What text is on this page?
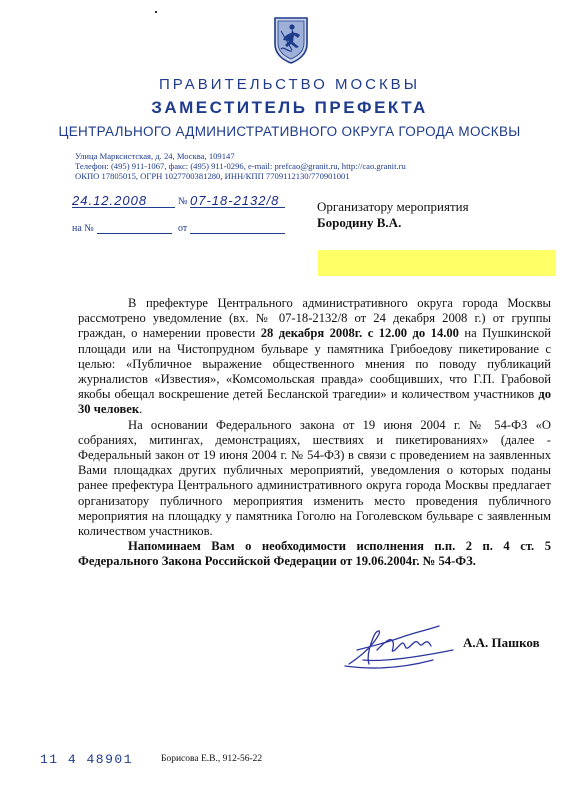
ПРАВИТЕЛЬСТВО МОСКВЫ
ЗАМЕСТИТЕЛЬ ПРЕФЕКТА
ЦЕНТРАЛЬНОГО АДМИНИСТРАТИВНОГО ОКРУГА ГОРОДА МОСКВЫ
Улица Марксистская, д. 24, Москва, 109147
Телефон: (495) 911-1067, факс: (495) 911-0296, e-mail: prefcao@granit.ru, http://cao.granit.ru
ОКПО 17805015, ОГРН 1027700381280, ИНН/КПП 7709112130/770901001
24.12.2008	№ 07-18-2132/8
на №	от
Организатору мероприятия
Бородину В.А.

В префектуре Центрального административного округа города Москвы рассмотрено уведомление (вх. № 07-18-2132/8 от 24 декабря 2008 г.) от группы граждан, о намерении провести 28 декабря 2008г. с 12.00 до 14.00 на Пушкинской площади или на Чистопрудном бульваре у памятника Грибоедову пикетирование с целью: «Публичное выражение общественного мнения по поводу публикаций журналистов «Известия», «Комсомольская правда» сообщивших, что Г.П. Грабовой якобы обещал воскрешение детей Бесланской трагедии» и количеством участников до 30 человек.

На основании Федерального закона от 19 июня 2004 г. № 54-ФЗ «О собраниях, митингах, демонстрациях, шествиях и пикетированиях» (далее - Федеральный закон от 19 июня 2004 г. № 54-ФЗ) в связи с проведением на заявленных Вами площадках других публичных мероприятий, уведомления о которых поданы ранее префектура Центрального административного округа города Москвы предлагает организатору публичного мероприятия изменить место проведения публичного мероприятия на площадку у памятника Гоголю на Гоголевском бульваре с заявленным количеством участников.

Напоминаем Вам о необходимости исполнения п.п. 2 п. 4 ст. 5 Федерального Закона Российской Федерации от 19.06.2004г. № 54-ФЗ.

А.А. Пашков
11 4 48901	Борисова Е.В., 912-56-22
